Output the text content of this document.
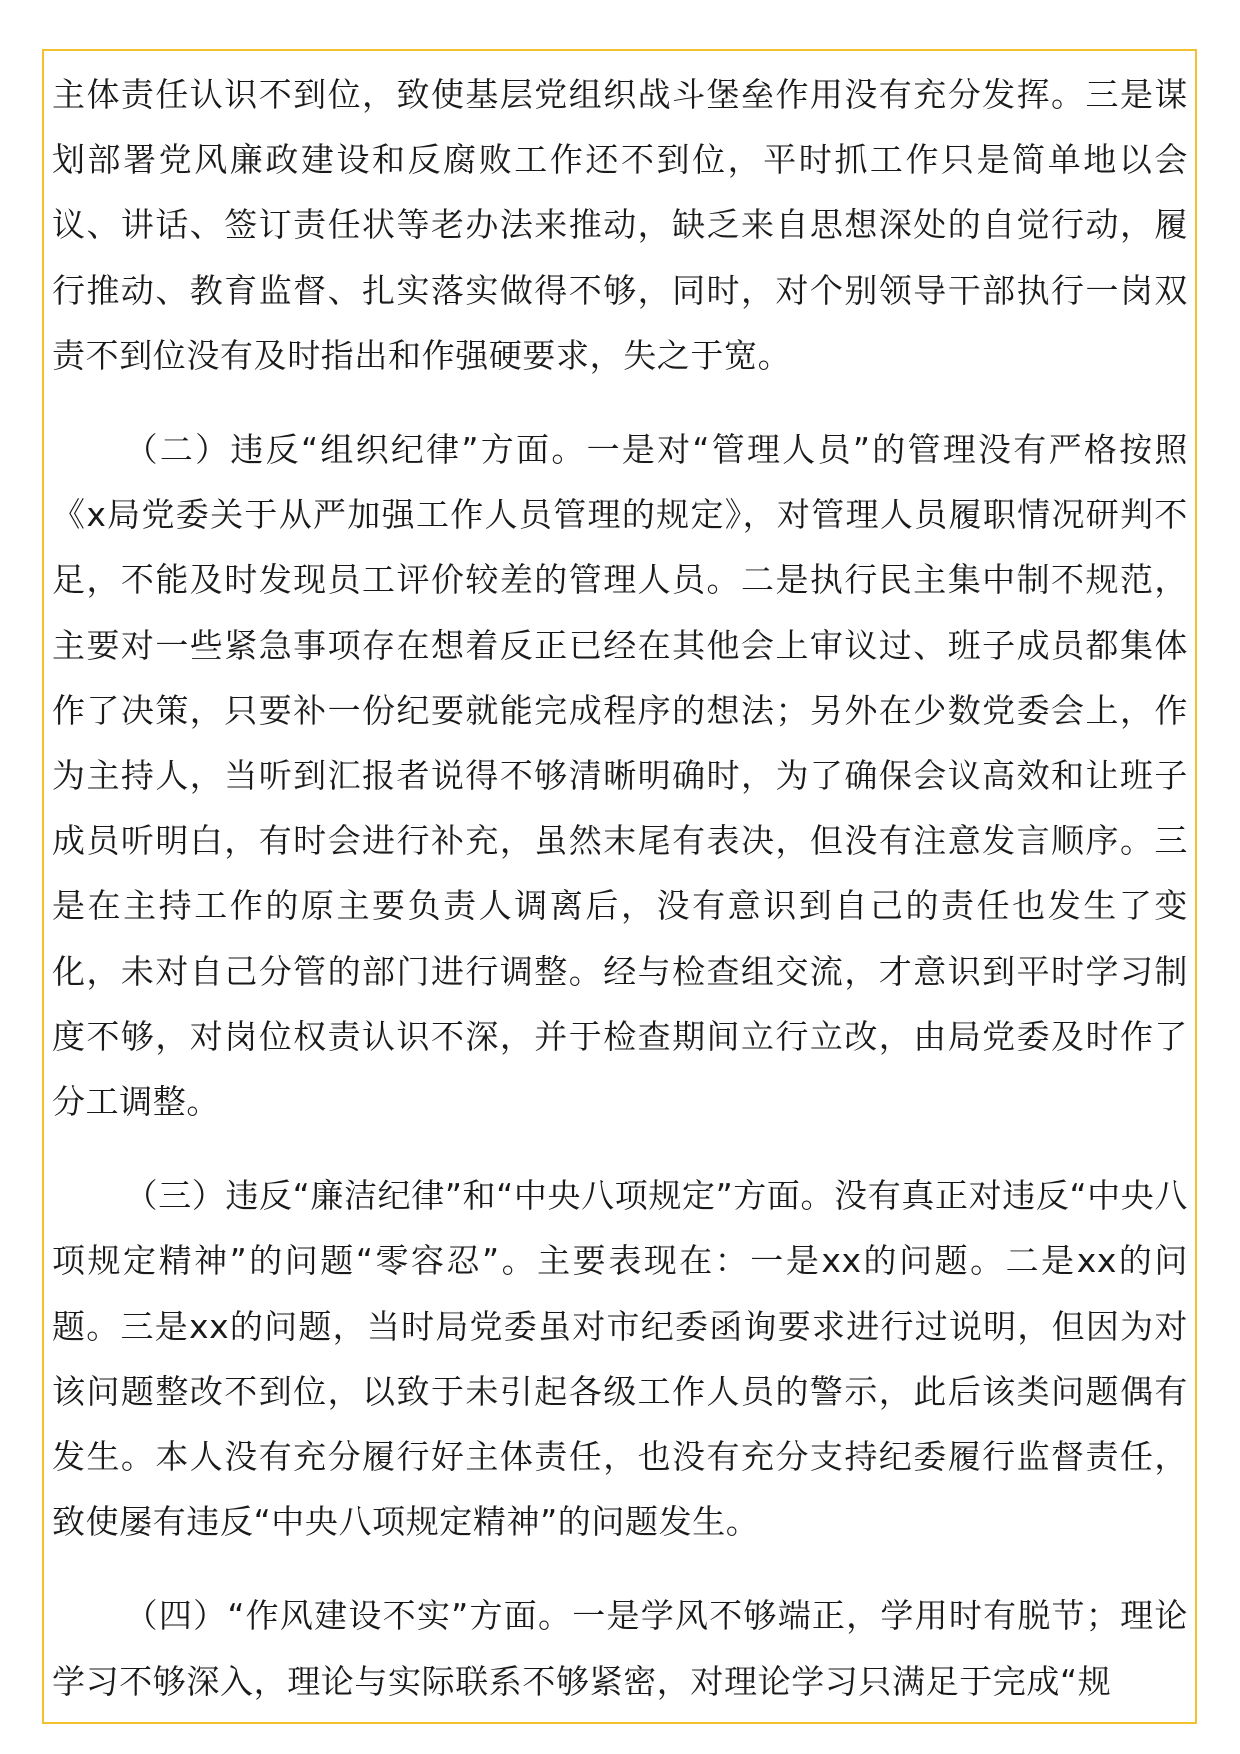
主体责任认识不到位，致使基层党组织战斗堡垒作用没有充分发挥。三是谋划部署党风廉政建设和反腐败工作还不到位，平时抓工作只是简单地以会议、讲话、签订责任状等老办法来推动，缺乏来自思想深处的自觉行动，履行推动、教育监督、扎实落实做得不够，同时，对个别领导干部执行一岗双责不到位没有及时指出和作强硬要求，失之于宽。

（二）违反“组织纪律”方面。一是对“管理人员”的管理没有严格按照《x局党委关于从严加强工作人员管理的规定》，对管理人员履职情况研判不足，不能及时发现员工评价较差的管理人员。二是执行民主集中制不规范，主要对一些紧急事项存在想着反正已经在其他会上审议过、班子成员都集体作了决策，只要补一份纪要就能完成程序的想法；另外在少数党委会上，作为主持人，当听到汇报者说得不够清晰明确时，为了确保会议高效和让班子成员听明白，有时会进行补充，虽然末尾有表决，但没有注意发言顺序。三是在主持工作的原主要负责人调离后，没有意识到自己的责任也发生了变化，未对自己分管的部门进行调整。经与检查组交流，才意识到平时学习制度不够，对岗位权责认识不深，并于检查期间立行立改，由局党委及时作了分工调整。

（三）违反“廉洁纪律”和“中央八项规定”方面。没有真正对违反“中央八项规定精神”的问题“零容忍”。主要表现在：一是xx的问题。二是xx的问题。三是xx的问题，当时局党委虽对市纪委函询要求进行过说明，但因为对该问题整改不到位，以致于未引起各级工作人员的警示，此后该类问题偶有发生。本人没有充分履行好主体责任，也没有充分支持纪委履行监督责任，致使屡有违反“中央八项规定精神”的问题发生。

（四）“作风建设不实”方面。一是学风不够端正，学用时有脱节；理论学习不够深入，理论与实际联系不够紧密，对理论学习只满足于完成“规
